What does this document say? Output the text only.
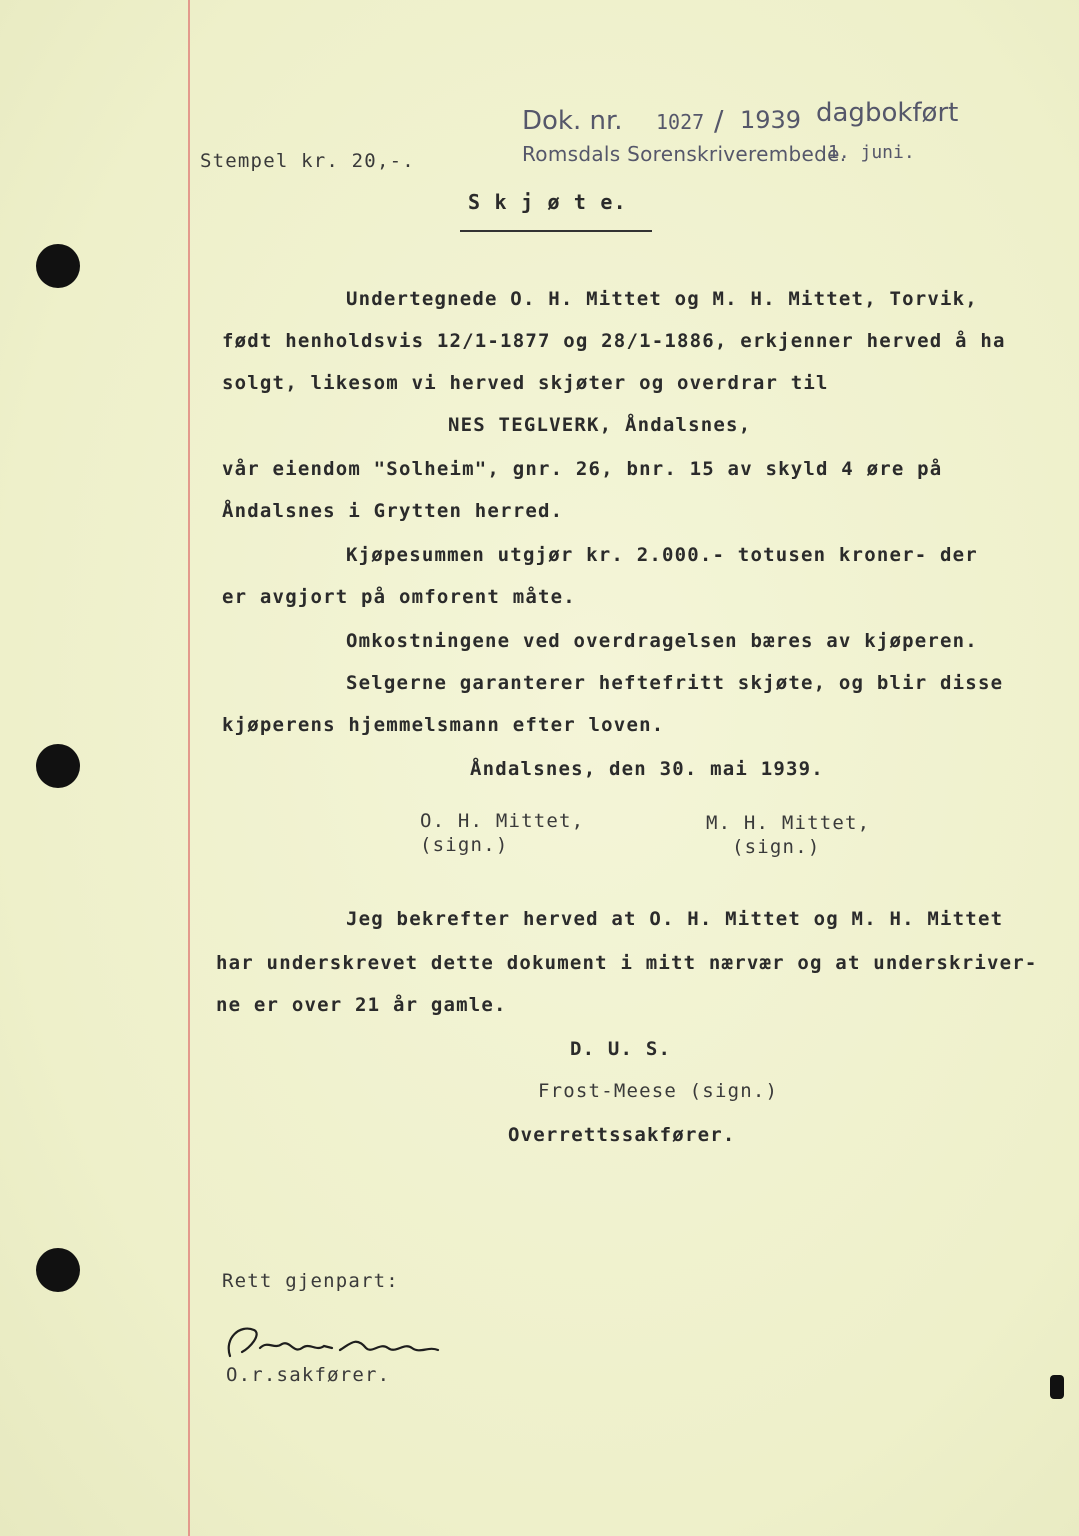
Dok. nr. 1027 / 1939 dagbokført
Romsdals Sorenskriverembede.
1. juni.
Stempel kr. 20,-.
S k j ø t e.
Undertegnede O. H. Mittet og M. H. Mittet, Torvik,
født henholdsvis 12/1-1877 og 28/1-1886, erkjenner herved å ha
solgt, likesom vi herved skjøter og overdrar til
NES TEGLVERK, Åndalsnes,
vår eiendom "Solheim", gnr. 26, bnr. 15 av skyld 4 øre på
Åndalsnes i Grytten herred.
Kjøpesummen utgjør kr. 2.000.- totusen kroner- der
er avgjort på omforent måte.
Omkostningene ved overdragelsen bæres av kjøperen.
Selgerne garanterer heftefritt skjøte, og blir disse
kjøperens hjemmelsmann efter loven.
Åndalsnes, den 30. mai 1939.
O. H. Mittet,
(sign.)
M. H. Mittet,
(sign.)
Jeg bekrefter herved at O. H. Mittet og M. H. Mittet
har underskrevet dette dokument i mitt nærvær og at underskriver-
ne er over 21 år gamle.
D. U. S.
Frost-Meese (sign.)
Overrettssakfører.
Rett gjenpart:
O.r.sakfører.
